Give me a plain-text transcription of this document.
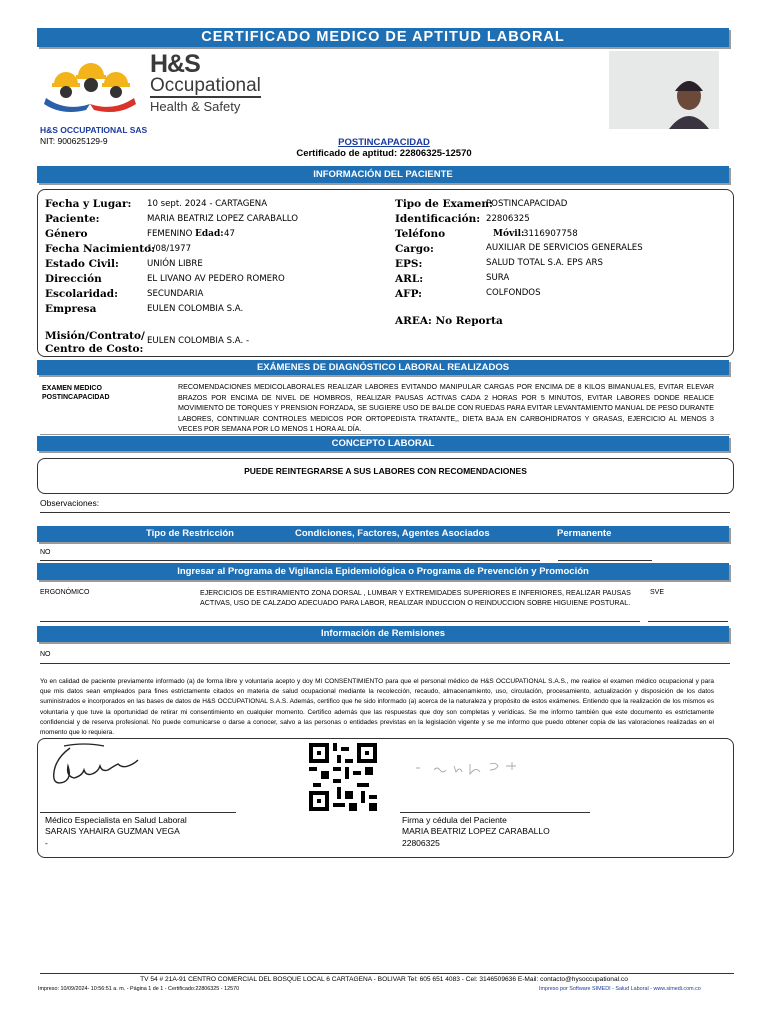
CERTIFICADO MEDICO DE APTITUD LABORAL
H&S
Occupational
Health & Safety
H&S OCCUPATIONAL SAS
NIT: 900625129-9	POSTINCAPACIDAD
Certificado de aptitud: 22806325-12570
INFORMACIÓN DEL PACIENTE
Fecha y Lugar: 10 sept. 2024 - CARTAGENA
Paciente:	MARIA BEATRIZ LOPEZ CARABALLO
Género	FEMENINO Edad: 47
Fecha Nacimiento:
1/08/1977
Estado Civil:	UNIÓN LIBRE
Dirección	EL LIVANO AV PEDERO ROMERO
Escolaridad:	SECUNDARIA
Empresa	EULEN COLOMBIA S.A.
Misión/Contrato/
Centro de Costo:
EULEN COLOMBIA S.A. -
Tipo de Examen:
POSTINCAPACIDAD
Identificación: 22806325
Teléfono	Móvil:
3116907758
Cargo:	AUXILIAR DE SERVICIOS GENERALES
EPS:	SALUD TOTAL S.A. EPS ARS
ARL:	SURA
AFP:	COLFONDOS
AREA: No Reporta
EXÁMENES DE DIAGNÓSTICO LABORAL REALIZADOS
EXAMEN MEDICO
POSTINCAPACIDAD
RECOMENDACIONES MEDICOLABORALES REALIZAR LABORES EVITANDO MANIPULAR CARGAS POR ENCIMA DE 8 KILOS BIMANUALES, EVITAR ELEVAR BRAZOS POR ENCIMA DE NIVEL DE HOMBROS, REALIZAR PAUSAS ACTIVAS CADA 2 HORAS POR 5 MINUTOS, EVITAR LABORES DONDE REALICE MOVIMIENTO DE TORQUES Y PRENSION FORZADA, SE SUGIERE USO DE BALDE CON RUEDAS PARA EVITAR LEVANTAMIENTO MANUAL DE PESO DURANTE LABORES, CONTINUAR CONTROLES MEDICOS POR ORTOPEDISTA TRATANTE,, DIETA BAJA EN CARBOHIDRATOS Y GRASAS, EJERCICIO AL MENOS 3 VECES POR SEMANA POR LO MENOS 1 HORA AL DÍA.
CONCEPTO LABORAL
PUEDE REINTEGRARSE A SUS LABORES CON RECOMENDACIONES
Observaciones:
Tipo de Restricción	Condiciones, Factores, Agentes Asociados	Permanente
NO
Ingresar al Programa de Vigilancia Epidemiológica o Programa de Prevención y Promoción
ERGONÓMICO	EJERCICIOS DE ESTIRAMIENTO ZONA DORSAL , LUMBAR Y EXTREMIDADES SUPERIORES E INFERIORES, REALIZAR PAUSAS ACTIVAS, USO DE CALZADO ADECUADO PARA LABOR, REALIZAR INDUCCION O REINDUCCION SOBRE HIGUIENE POSTURAL.
SVE
Información de Remisiones
NO
Yo en calidad de paciente previamente informado (a) de forma libre y voluntaria acepto y doy MI CONSENTIMIENTO para que el personal médico de H&S OCCUPATIONAL S.A.S., me realice el examen médico ocupacional y para que mis datos sean empleados para fines estrictamente citados en materia de salud ocupacional mediante la recolección, recaudo, almacenamiento, uso, circulación, procesamiento, actualización y disposición de los datos suministrados e incorporados en las bases de datos de H&S OCCUPATIONAL S.A.S. Además, certifico que he sido informado (a) acerca de la naturaleza y propósito de estos exámenes. Entiendo que la realización de los mismos es voluntaria y que tuve la oportunidad de retirar mi consentimiento en cualquier momento. Certifico además que las respuestas que doy son completas y verídicas. Se me informo también que este documento es estrictamente confidencial y de reserva profesional. No puede comunicarse o darse a conocer, salvo a las personas o entidades previstas en la legislación vigente y se me informo que puedo obtener copia de las valoraciones realizadas en el momento que lo requiera.
Médico Especialista en Salud Laboral
SARAIS YAHAIRA GUZMAN VEGA
-
Firma y cédula del Paciente
MARIA BEATRIZ LOPEZ CARABALLO
22806325
TV 54 # 21A-91 CENTRO COMERCIAL DEL BOSQUE LOCAL 6 CARTAGENA - BOLIVAR Tel: 605 651 4083 - Cel: 3146509636 E-Mail: contacto@hysoccupational.co
Impreso: 10/09/2024- 10:56:51 a. m. - Página 1 de 1 - Certificado:22806325 - 12570	Impreso por Software SIMEDI - Salud Laboral - www.simedi.com.co
